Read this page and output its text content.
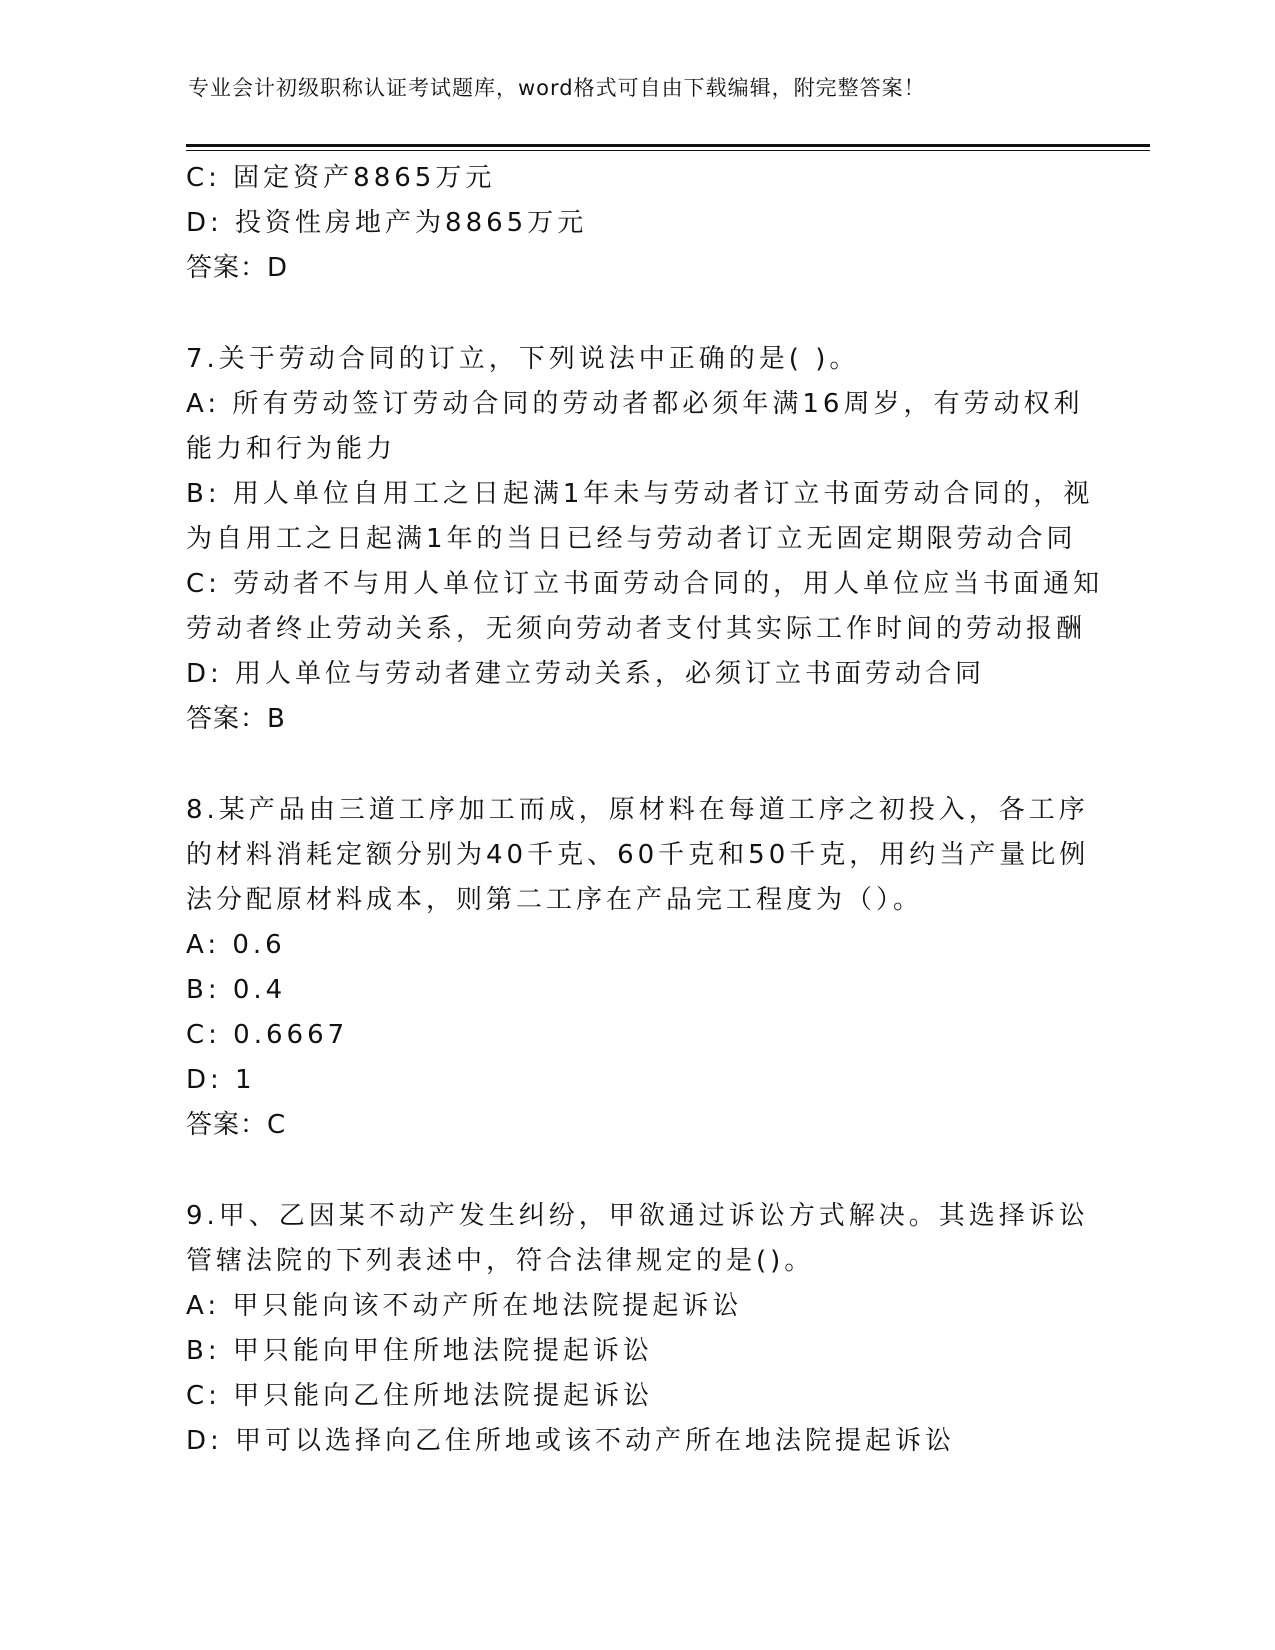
专业会计初级职称认证考试题库，word格式可自由下载编辑，附完整答案！
C: 固定资产8865万元
D: 投资性房地产为8865万元
答案：D
7.关于劳动合同的订立，下列说法中正确的是( )。
A: 所有劳动签订劳动合同的劳动者都必须年满16周岁，有劳动权利
能力和行为能力
B: 用人单位自用工之日起满1年未与劳动者订立书面劳动合同的，视
为自用工之日起满1年的当日已经与劳动者订立无固定期限劳动合同
C: 劳动者不与用人单位订立书面劳动合同的，用人单位应当书面通知
劳动者终止劳动关系，无须向劳动者支付其实际工作时间的劳动报酬
D: 用人单位与劳动者建立劳动关系，必须订立书面劳动合同
答案：B
8.某产品由三道工序加工而成，原材料在每道工序之初投入，各工序
的材料消耗定额分别为40千克、60千克和50千克，用约当产量比例
法分配原材料成本，则第二工序在产品完工程度为（）。
A: 0.6
B: 0.4
C: 0.6667
D: 1
答案：C
9.甲、乙因某不动产发生纠纷，甲欲通过诉讼方式解决。其选择诉讼
管辖法院的下列表述中，符合法律规定的是()。
A: 甲只能向该不动产所在地法院提起诉讼
B: 甲只能向甲住所地法院提起诉讼
C: 甲只能向乙住所地法院提起诉讼
D: 甲可以选择向乙住所地或该不动产所在地法院提起诉讼
